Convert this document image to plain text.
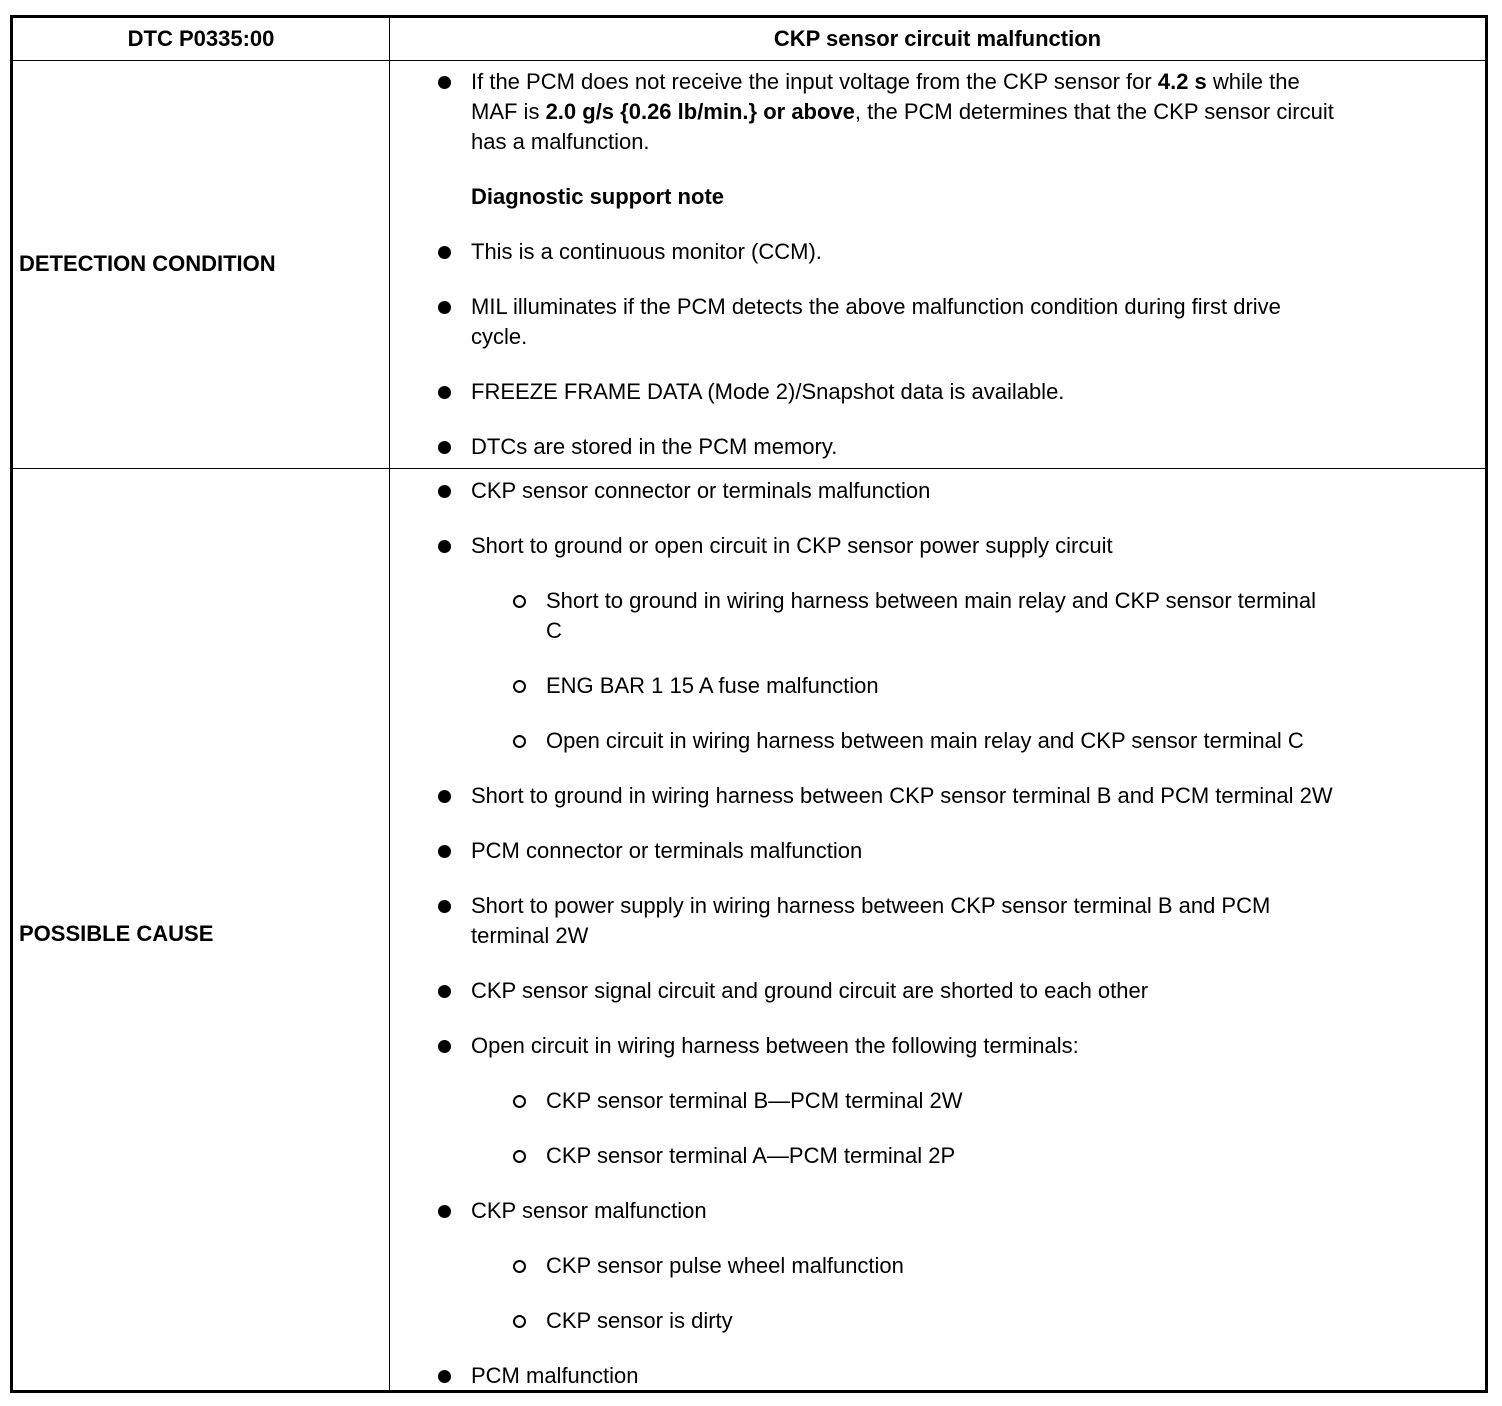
DTC P0335:00	CKP sensor circuit malfunction
DETECTION CONDITION
If the PCM does not receive the input voltage from the CKP sensor for 4.2 s while the
MAF is 2.0 g/s {0.26 lb/min.} or above, the PCM determines that the CKP sensor circuit
has a malfunction.
Diagnostic support note
This is a continuous monitor (CCM).
MIL illuminates if the PCM detects the above malfunction condition during first drive
cycle.
FREEZE FRAME DATA (Mode 2)/Snapshot data is available.
DTCs are stored in the PCM memory.
POSSIBLE CAUSE
CKP sensor connector or terminals malfunction
Short to ground or open circuit in CKP sensor power supply circuit
Short to ground in wiring harness between main relay and CKP sensor terminal
C
ENG BAR 1 15 A fuse malfunction
Open circuit in wiring harness between main relay and CKP sensor terminal C
Short to ground in wiring harness between CKP sensor terminal B and PCM terminal 2W
PCM connector or terminals malfunction
Short to power supply in wiring harness between CKP sensor terminal B and PCM
terminal 2W
CKP sensor signal circuit and ground circuit are shorted to each other
Open circuit in wiring harness between the following terminals:
CKP sensor terminal B—PCM terminal 2W
CKP sensor terminal A—PCM terminal 2P
CKP sensor malfunction
CKP sensor pulse wheel malfunction
CKP sensor is dirty
PCM malfunction
